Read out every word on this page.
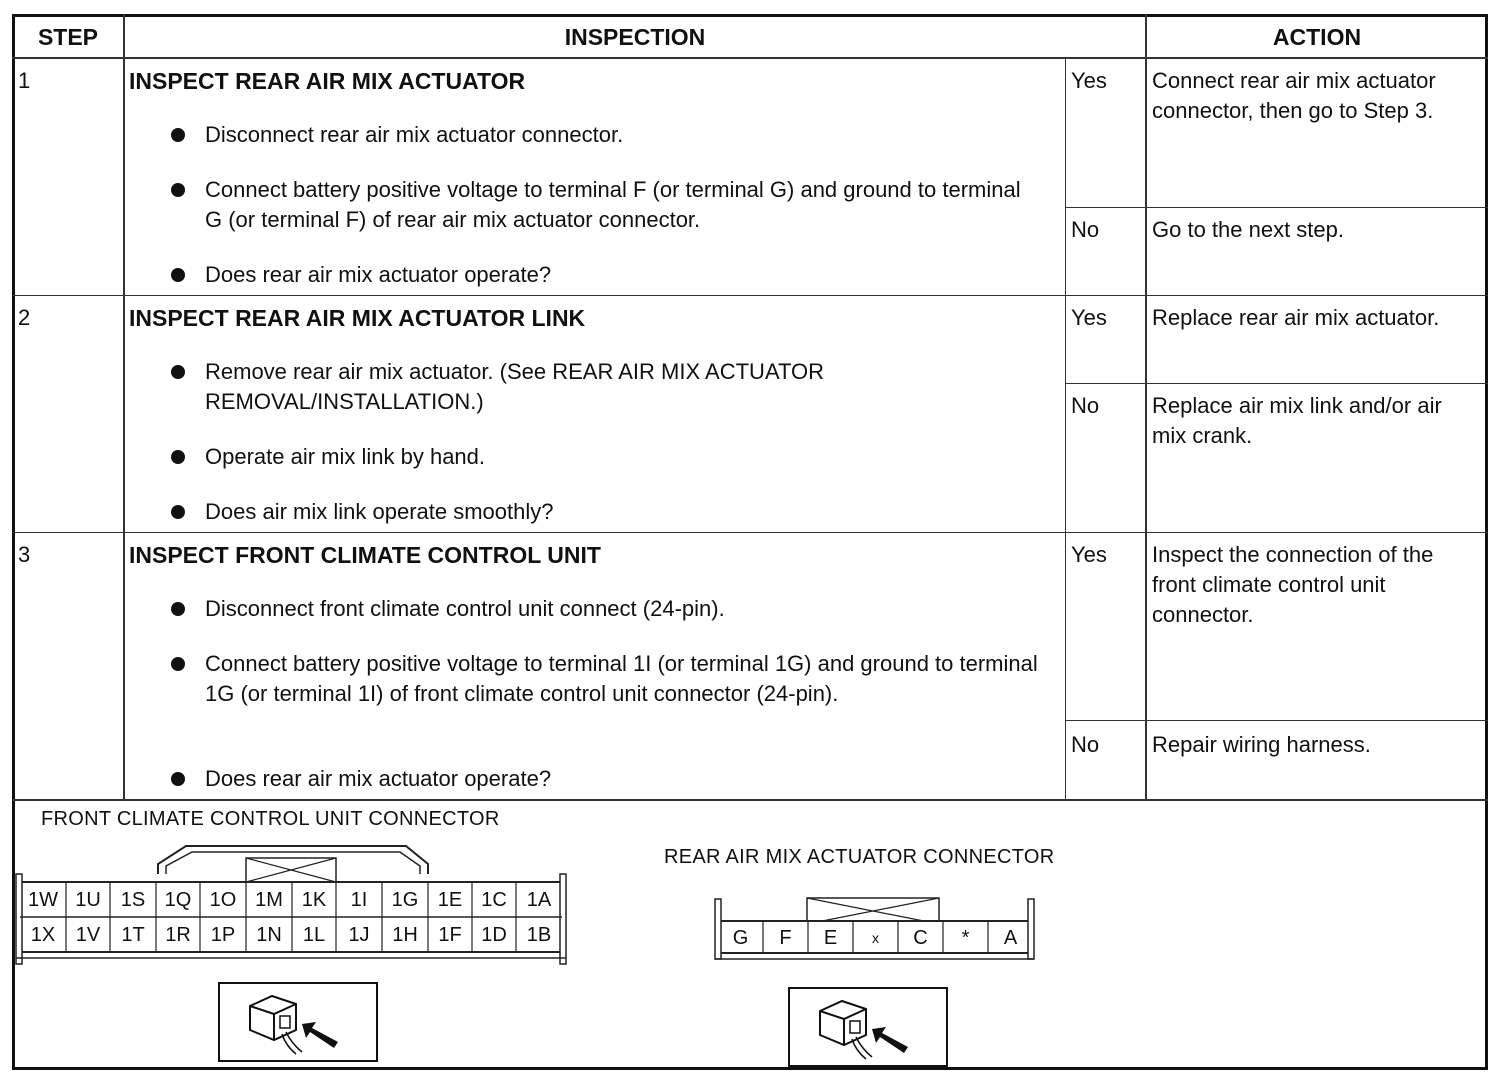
STEP	INSPECTION	ACTION
1	INSPECT REAR AIR MIX ACTUATOR
Disconnect rear air mix actuator connector.
Connect battery positive voltage to terminal F (or terminal G) and ground to terminal G (or terminal F) of rear air mix actuator connector.
Does rear air mix actuator operate?
Yes Connect rear air mix actuator connector, then go to Step 3.
No Go to the next step.
2	INSPECT REAR AIR MIX ACTUATOR LINK
Remove rear air mix actuator. (See REAR AIR MIX ACTUATOR REMOVAL/INSTALLATION.)
Operate air mix link by hand.
Does air mix link operate smoothly?
Yes Replace rear air mix actuator.
No Replace air mix link and/or air mix crank.
3	INSPECT FRONT CLIMATE CONTROL UNIT
Disconnect front climate control unit connect (24-pin).
Connect battery positive voltage to terminal 1I (or terminal 1G) and ground to terminal 1G (or terminal 1I) of front climate control unit connector (24-pin).
Does rear air mix actuator operate?
Yes Inspect the connection of the front climate control unit connector.
No Repair wiring harness.
FRONT CLIMATE CONTROL UNIT CONNECTOR
1W 1U 1S 1Q 1O 1M 1K	1I	1G 1E 1C 1A
1X	1V	1T	1R 1P	1N	1L	1J	1H	1F 1D 1B
REAR AIR MIX ACTUATOR CONNECTOR
G	F	E	x	C	*	A
